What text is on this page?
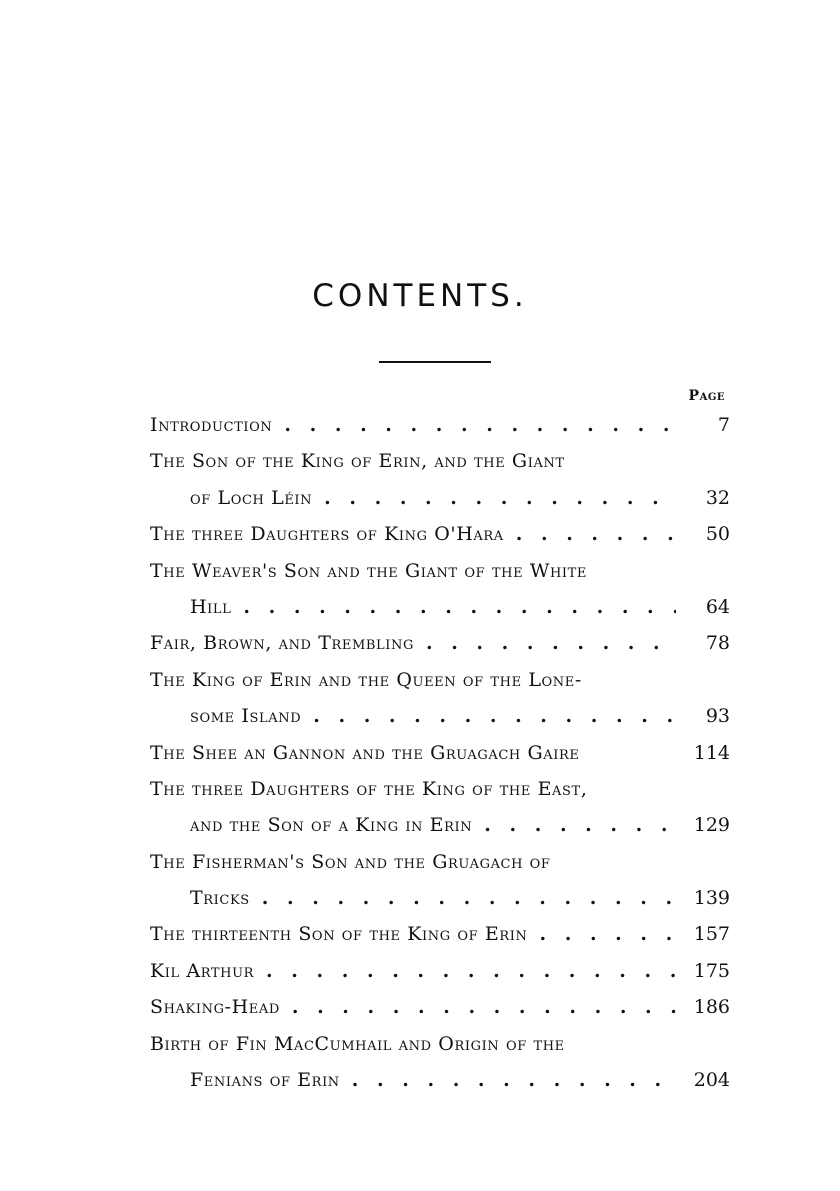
CONTENTS.
Page
Introduction . . .	7
The Son of the King of Erin, and the Giant
of Loch Léin . . .	32
The three Daughters of King O'Hara . . .	50
The Weaver's Son and the Giant of the White
Hill . . .	64
Fair, Brown, and Trembling . . .	78
The King of Erin and the Queen of the Lone-
some Island . . .	93
The Shee an Gannon and the Gruagach Gaire	114
The three Daughters of the King of the East,
and the Son of a King in Erin . . .	129
The Fisherman's Son and the Gruagach of
Tricks . . .	139
The thirteenth Son of the King of Erin . . .	157
Kil Arthur . . .	175
Shaking-Head . . .	186
Birth of Fin MacCumhail and Origin of the
Fenians of Erin . . .	204
